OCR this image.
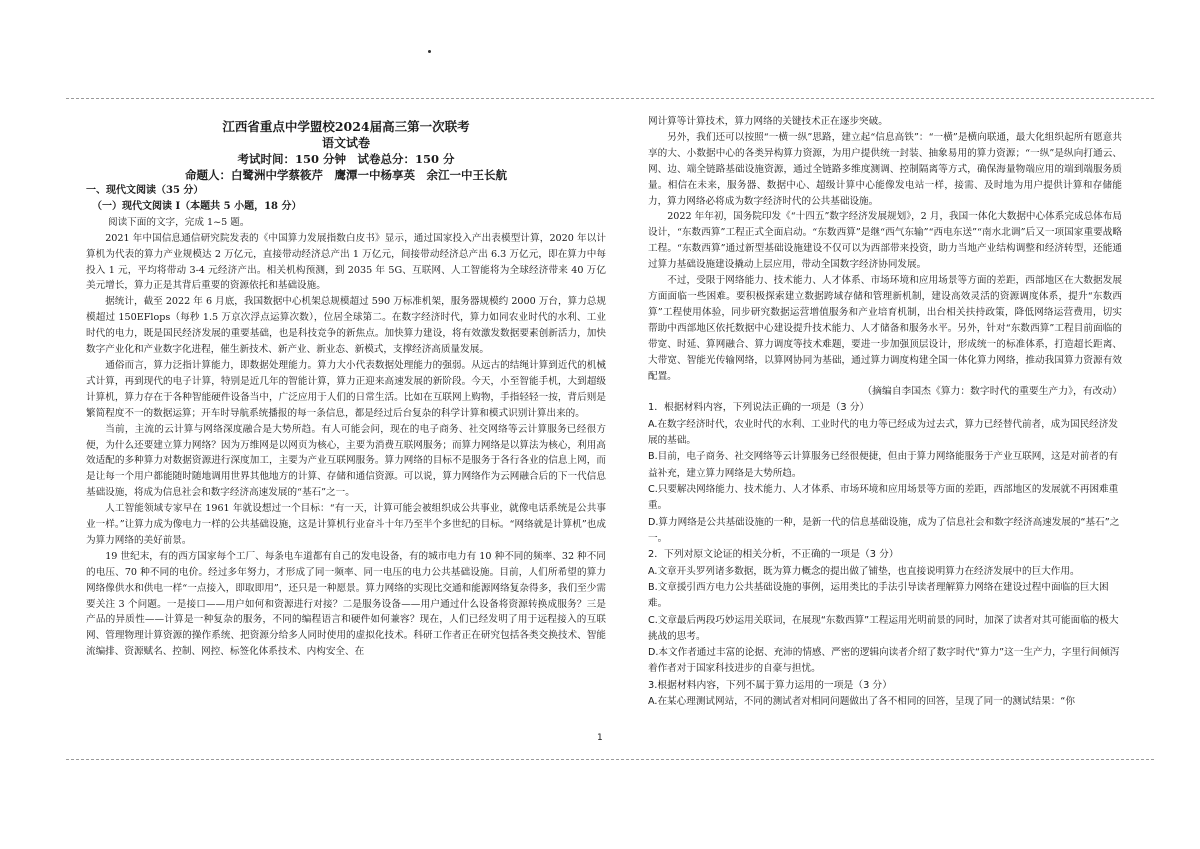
江西省重点中学盟校2024届高三第一次联考

语文试卷

考试时间：150 分钟　试卷总分：150 分

命题人：白鹭洲中学蔡筱芹　鹰潭一中杨享英　余江一中王长航

一、现代文阅读（35 分）

（一）现代文阅读 I（本题共 5 小题，18 分）

阅读下面的文字，完成 1~5 题。

2021 年中国信息通信研究院发表的《中国算力发展指数白皮书》显示，通过国家投入产出表模型计算，2020 年以计算机为代表的算力产业规模达 2 万亿元，直接带动经济总产出 1 万亿元，间接带动经济总产出 6.3 万亿元，即在算力中每投入 1 元，平均将带动 3-4 元经济产出。相关机构预测，到 2035 年 5G、互联网、人工智能将为全球经济带来 40 万亿美元增长，算力正是其背后重要的资源依托和基础设施。

据统计，截至 2022 年 6 月底，我国数据中心机架总规模超过 590 万标准机架，服务器规模约 2000 万台，算力总规模超过 150EFlops（每秒 1.5 万京次浮点运算次数），位居全球第二。在数字经济时代，算力如同农业时代的水利、工业时代的电力，既是国民经济发展的重要基础，也是科技竞争的新焦点。加快算力建设，将有效激发数据要素创新活力，加快数字产业化和产业数字化进程，催生新技术、新产业、新业态、新模式，支撑经济高质量发展。

通俗而言，算力泛指计算能力，即数据处理能力。算力大小代表数据处理能力的强弱。从远古的结绳计算到近代的机械式计算，再到现代的电子计算，特别是近几年的智能计算，算力正迎来高速发展的新阶段。今天，小至智能手机，大到超级计算机，算力存在于各种智能硬件设备当中，广泛应用于人们的日常生活。比如在互联网上购物，手指轻轻一按，背后则是繁简程度不一的数据运算；开车时导航系统播报的每一条信息，都是经过后台复杂的科学计算和模式识别计算出来的。

当前，主流的云计算与网络深度融合是大势所趋。有人可能会问，现在的电子商务、社交网络等云计算服务已经很方便，为什么还要建立算力网络？因为万维网是以网页为核心，主要为消费互联网服务；而算力网络是以算法为核心，利用高效适配的多种算力对数据资源进行深度加工，主要为产业互联网服务。算力网络的目标不是服务于各行各业的信息上网，而是让每一个用户都能随时随地调用世界其他地方的计算、存储和通信资源。可以说，算力网络作为云网融合后的下一代信息基础设施，将成为信息社会和数字经济高速发展的“基石”之一。

人工智能领域专家早在 1961 年就设想过一个目标：“有一天，计算可能会被组织成公共事业，就像电话系统是公共事业一样。”让算力成为像电力一样的公共基础设施，这是计算机行业奋斗十年乃至半个多世纪的目标。“网络就是计算机”也成为算力网络的美好前景。

19 世纪末，有的西方国家每个工厂、每条电车道都有自己的发电设备，有的城市电力有 10 种不同的频率、32 种不同的电压、70 种不同的电价。经过多年努力，才形成了同一频率、同一电压的电力公共基础设施。目前，人们所希望的算力网络像供水和供电一样“一点接入，即取即用”，还只是一种愿景。算力网络的实现比交通和能源网络复杂得多，我们至少需要关注 3 个问题。一是接口——用户如何和资源进行对接？二是服务设备——用户通过什么设备将资源转换成服务？三是产品的异质性——计算是一种复杂的服务，不同的编程语言和硬件如何兼容？现在，人们已经发明了用于远程接入的互联网、管理物理计算资源的操作系统、把资源分给多人同时使用的虚拟化技术。科研工作者正在研究包括各类交换技术、智能流编排、资源赋名、控制、网控、标签化体系技术、内构安全、在

网计算等计算技术，算力网络的关键技术正在逐步突破。

另外，我们还可以按照“一横一纵”思路，建立起“信息高铁”：“一横”是横向联通，最大化组织起所有愿意共享的大、小数据中心的各类异构算力资源，为用户提供统一封装、抽象易用的算力资源；“一纵”是纵向打通云、网、边、端全链路基础设施资源，通过全链路多维度测调、控制隔离等方式，确保海量物端应用的端到端服务质量。相信在未来，服务器、数据中心、超级计算中心能像发电站一样，接需、及时地为用户提供计算和存储能力，算力网络必将成为数字经济时代的公共基础设施。

2022 年年初，国务院印发《“十四五”数字经济发展规划》，2 月，我国一体化大数据中心体系完成总体布局设计，“东数西算”工程正式全面启动。“东数西算”是继“西气东输”“西电东送”“南水北调”后又一项国家重要战略工程。“东数西算”通过新型基础设施建设不仅可以为西部带来投资，助力当地产业结构调整和经济转型，还能通过算力基础设施建设撬动上层应用，带动全国数字经济协同发展。

不过，受限于网络能力、技术能力、人才体系、市场环境和应用场景等方面的差距，西部地区在大数据发展方面面临一些困难。要积极探索建立数据跨域存储和管理新机制，建设高效灵活的资源调度体系，提升“东数西算”工程使用体验，同步研究数据运营增值服务和产业培育机制，出台相关扶持政策，降低网络运营费用，切实帮助中西部地区依托数据中心建设提升技术能力、人才储备和服务水平。另外，针对“东数西算”工程目前面临的带宽、时延、算网融合、算力调度等技术难题，要进一步加强顶层设计，形成统一的标准体系，打造超长距离、大带宽、智能光传输网络，以算网协同为基础，通过算力调度构建全国一体化算力网络，推动我国算力资源有效配置。

（摘编自李国杰《算力：数字时代的重要生产力》，有改动）

1．根据材料内容，下列说法正确的一项是（3 分）

A.在数字经济时代，农业时代的水利、工业时代的电力等已经成为过去式，算力已经替代前者，成为国民经济发展的基础。

B.目前，电子商务、社交网络等云计算服务已经很便捷，但由于算力网络能服务于产业互联网，这是对前者的有益补充，建立算力网络是大势所趋。

C.只要解决网络能力、技术能力、人才体系、市场环境和应用场景等方面的差距，西部地区的发展就不再困难重重。

D.算力网络是公共基础设施的一种，是新一代的信息基础设施，成为了信息社会和数字经济高速发展的“基石”之一。

2．下列对原文论证的相关分析，不正确的一项是（3 分）

A.文章开头罗列诸多数据，既为算力概念的提出做了铺垫，也直接说明算力在经济发展中的巨大作用。

B.文章援引西方电力公共基础设施的事例，运用类比的手法引导读者理解算力网络在建设过程中面临的巨大困难。

C.文章最后两段巧妙运用关联词，在展现“东数西算”工程运用光明前景的同时，加深了读者对其可能面临的极大挑战的思考。

D.本文作者通过丰富的论据、充沛的情感、严密的逻辑向读者介绍了数字时代“算力”这一生产力，字里行间倾泻着作者对于国家科技进步的自豪与担忧。

3.根据材料内容，下列不属于算力运用的一项是（3 分）

A.在某心理测试网站，不同的测试者对相同问题做出了各不相同的回答，呈现了同一的测试结果：“你

1
